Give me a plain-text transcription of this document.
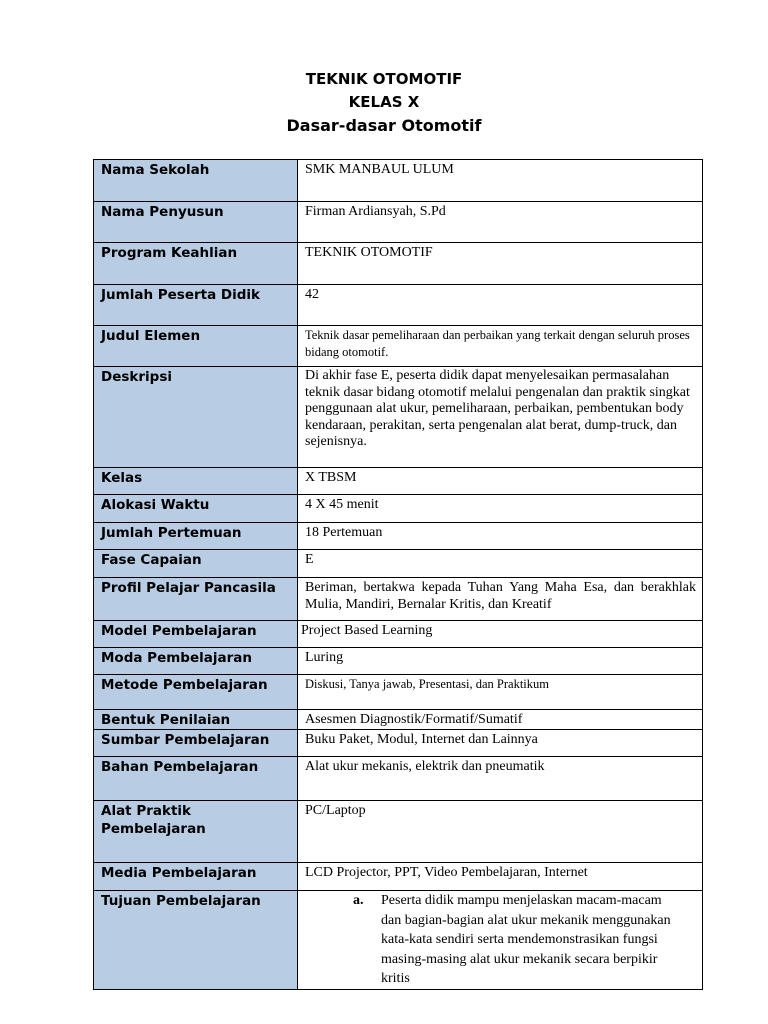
TEKNIK OTOMOTIF
KELAS X
Dasar-dasar Otomotif
Nama Sekolah	SMK MANBAUL ULUM
Nama Penyusun	Firman Ardiansyah, S.Pd
Program Keahlian	TEKNIK OTOMOTIF
Jumlah Peserta Didik	42
Judul Elemen	Teknik dasar pemeliharaan dan perbaikan yang terkait dengan seluruh proses bidang otomotif.
Deskripsi	Di akhir fase E, peserta didik dapat menyelesaikan permasalahan teknik dasar bidang otomotif melalui pengenalan dan praktik singkat penggunaan alat ukur, pemeliharaan, perbaikan, pembentukan body kendaraan, perakitan, serta pengenalan alat berat, dump-truck, dan sejenisnya.
Kelas	X TBSM
Alokasi Waktu	4 X 45 menit
Jumlah Pertemuan	18 Pertemuan
Fase Capaian	E
Profil Pelajar Pancasila	Beriman, bertakwa kepada Tuhan Yang Maha Esa, dan berakhlak Mulia, Mandiri, Bernalar Kritis, dan Kreatif
Model Pembelajaran	Project Based Learning
Moda Pembelajaran	Luring
Metode Pembelajaran	Diskusi, Tanya jawab, Presentasi, dan Praktikum
Bentuk Penilaian	Asesmen Diagnostik/Formatif/Sumatif
Sumbar Pembelajaran	Buku Paket, Modul, Internet dan Lainnya
Bahan Pembelajaran	Alat ukur mekanis, elektrik dan pneumatik
Alat Praktik Pembelajaran	PC/Laptop
Media Pembelajaran	LCD Projector, PPT, Video Pembelajaran, Internet
Tujuan Pembelajaran	a. Peserta didik mampu menjelaskan macam-macam dan bagian-bagian alat ukur mekanik menggunakan kata-kata sendiri serta mendemonstrasikan fungsi masing-masing alat ukur mekanik secara berpikir kritis
